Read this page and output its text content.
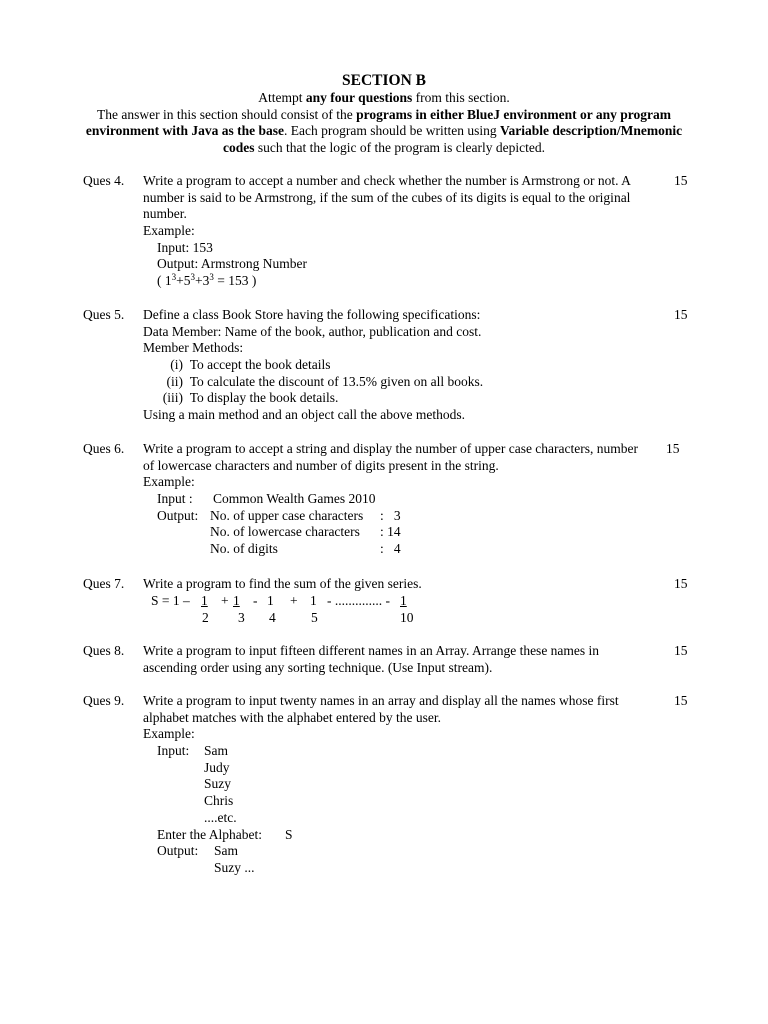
SECTION B
Attempt any four questions from this section.
The answer in this section should consist of the programs in either BlueJ environment or any program environment with Java as the base. Each program should be written using Variable description/Mnemonic codes such that the logic of the program is clearly depicted.
Ques 4. Write a program to accept a number and check whether the number is Armstrong or not. A number is said to be Armstrong, if the sum of the cubes of its digits is equal to the original number.
Example:
Input: 153
Output: Armstrong Number
( $1^3+5^3+3^3 = 153$ )
15
Ques 5. Define a class Book Store having the following specifications:
Data Member: Name of the book, author, publication and cost.
Member Methods:
(i) To accept the book details
(ii) To calculate the discount of 13.5% given on all books.
(iii) To display the book details.
Using a main method and an object call the above methods.
15
Ques 6. Write a program to accept a string and display the number of upper case characters, number
of lowercase characters and number of digits present in the string.
Example:
Input : Common Wealth Games 2010
Output: No. of upper case characters :   3
No. of lowercase characters : 14
No. of digits	:   4
15
Ques 7. Write a program to find the sum of the given series.
S = 1 – 1 + 1 - 1 + 1 - .............. - 1
2 3 4	5	10
15
Ques 8. Write a program to input fifteen different names in an Array. Arrange these names in
ascending order using any sorting technique. (Use Input stream).
15
Ques 9. Write a program to input twenty names in an array and display all the names whose first
alphabet matches with the alphabet entered by the user.
Example:
Input: Sam
Judy
Suzy
Chris
....etc.
Enter the Alphabet: S
Output: Sam
Suzy ...
15
